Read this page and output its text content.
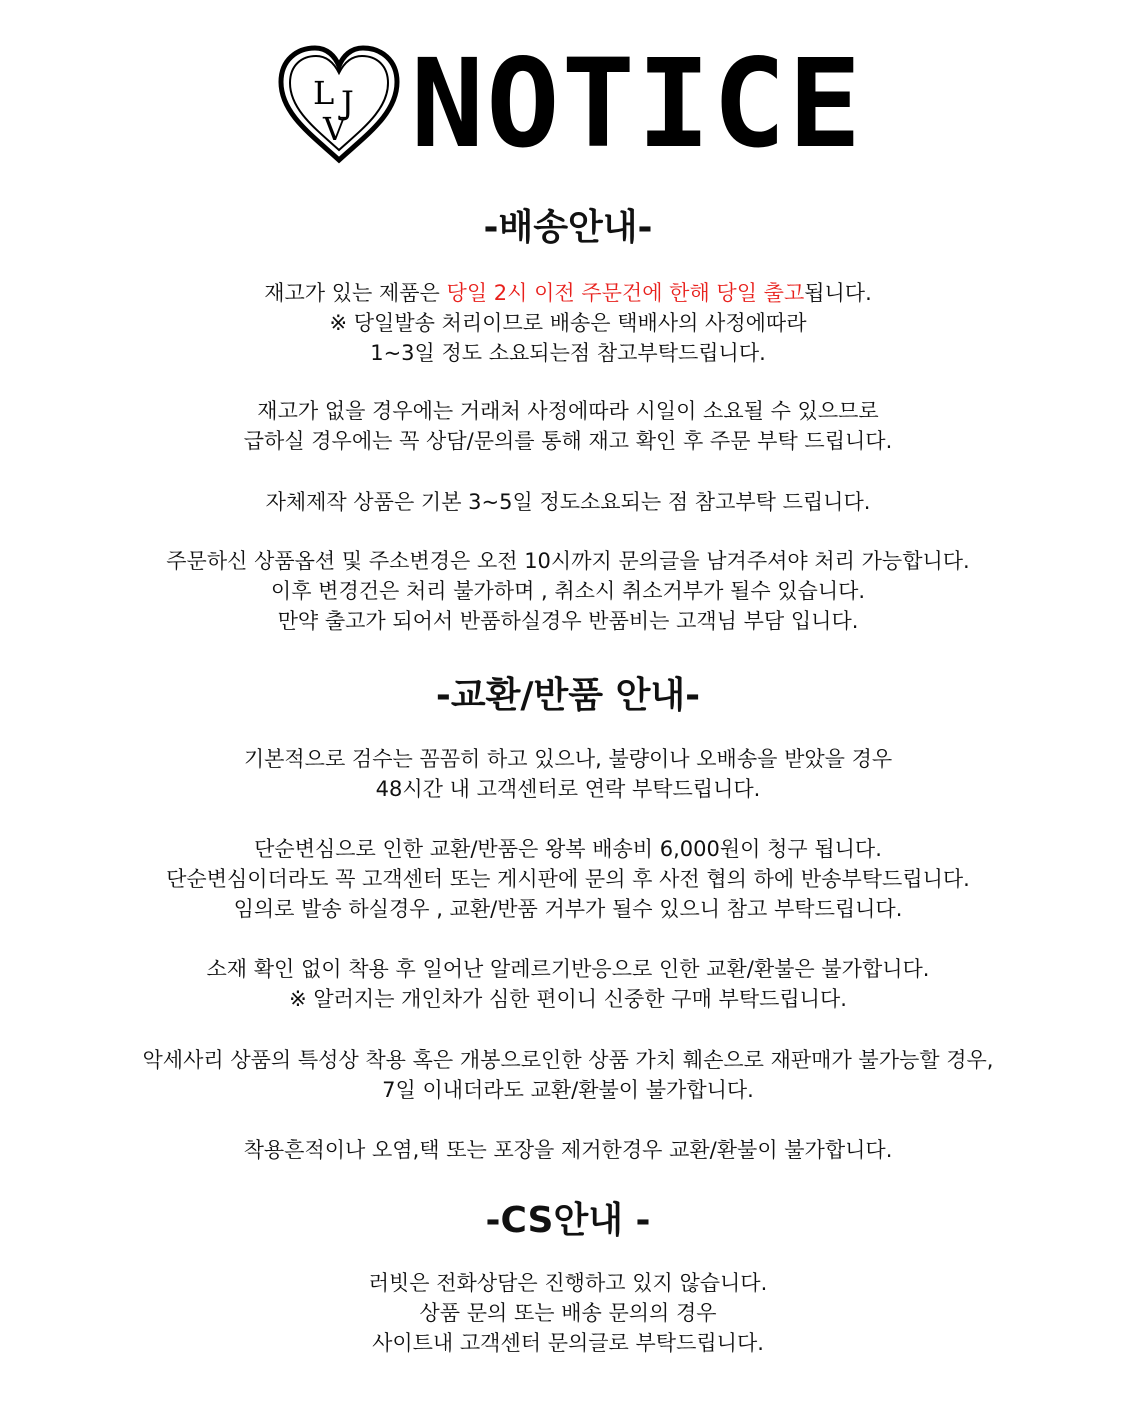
L J
V NOTICE
-배송안내-
재고가 있는 제품은 당일 2시 이전 주문건에 한해 당일 출고됩니다.
※ 당일발송 처리이므로 배송은 택배사의 사정에따라
1~3일 정도 소요되는점 참고부탁드립니다.
재고가 없을 경우에는 거래처 사정에따라 시일이 소요될 수 있으므로
급하실 경우에는 꼭 상담/문의를 통해 재고 확인 후 주문 부탁 드립니다.
자체제작 상품은 기본 3~5일 정도소요되는 점 참고부탁 드립니다.
주문하신 상품옵션 및 주소변경은 오전 10시까지 문의글을 남겨주셔야 처리 가능합니다.
이후 변경건은 처리 불가하며 , 취소시 취소거부가 될수 있습니다.
만약 출고가 되어서 반품하실경우 반품비는 고객님 부담 입니다.
-교환/반품 안내-
기본적으로 검수는 꼼꼼히 하고 있으나, 불량이나 오배송을 받았을 경우
48시간 내 고객센터로 연락 부탁드립니다.
단순변심으로 인한 교환/반품은 왕복 배송비 6,000원이 청구 됩니다.
단순변심이더라도 꼭 고객센터 또는 게시판에 문의 후 사전 협의 하에 반송부탁드립니다.
임의로 발송 하실경우 , 교환/반품 거부가 될수 있으니 참고 부탁드립니다.
소재 확인 없이 착용 후 일어난 알레르기반응으로 인한 교환/환불은 불가합니다.
※ 알러지는 개인차가 심한 편이니 신중한 구매 부탁드립니다.
악세사리 상품의 특성상 착용 혹은 개봉으로인한 상품 가치 훼손으로 재판매가 불가능할 경우,
7일 이내더라도 교환/환불이 불가합니다.
착용흔적이나 오염,택 또는 포장을 제거한경우 교환/환불이 불가합니다.
-CS안내 -
러빗은 전화상담은 진행하고 있지 않습니다.
상품 문의 또는 배송 문의의 경우
사이트내 고객센터 문의글로 부탁드립니다.
